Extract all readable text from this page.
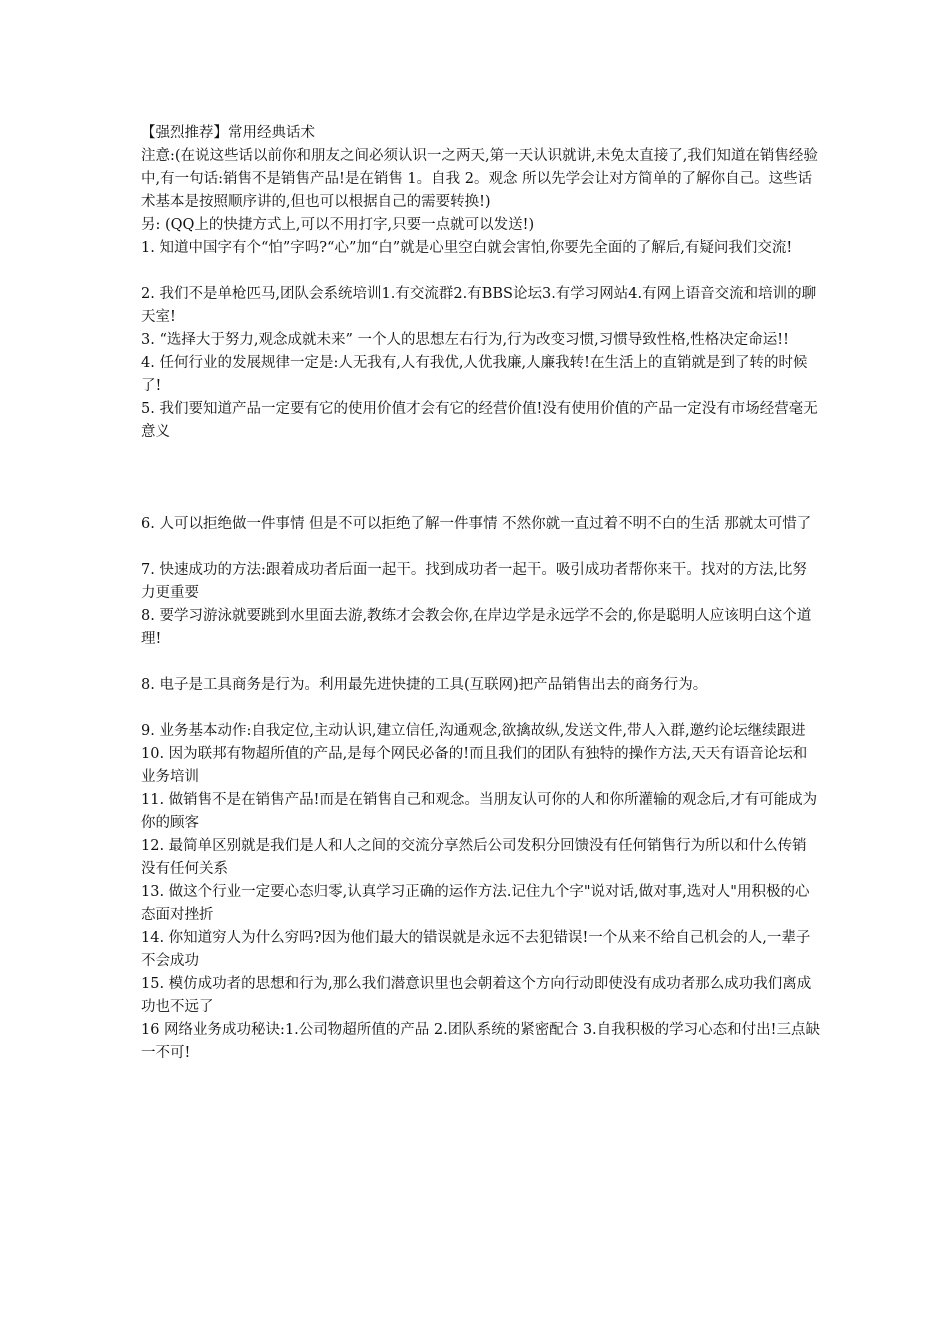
【强烈推荐】常用经典话术

注意:(在说这些话以前你和朋友之间必须认识一之两天,第一天认识就讲,未免太直接了,我们知道在销售经验中,有一句话:销售不是销售产品!是在销售 1。自我 2。观念 所以先学会让对方简单的了解你自己。这些话术基本是按照顺序讲的,但也可以根据自己的需要转换!)

另: (QQ上的快捷方式上,可以不用打字,只要一点就可以发送!)

1. 知道中国字有个“怕”字吗?“心”加“白”就是心里空白就会害怕,你要先全面的了解后,有疑问我们交流!

2. 我们不是单枪匹马,团队会系统培训1.有交流群2.有BBS论坛3.有学习网站4.有网上语音交流和培训的聊天室!

3. “选择大于努力,观念成就未来” 一个人的思想左右行为,行为改变习惯,习惯导致性格,性格决定命运!!

4. 任何行业的发展规律一定是:人无我有,人有我优,人优我廉,人廉我转!在生活上的直销就是到了转的时候了!

5. 我们要知道产品一定要有它的使用价值才会有它的经营价值!没有使用价值的产品一定没有市场经营毫无意义

6. 人可以拒绝做一件事情 但是不可以拒绝了解一件事情 不然你就一直过着不明不白的生活 那就太可惜了

7. 快速成功的方法:跟着成功者后面一起干。找到成功者一起干。吸引成功者帮你来干。找对的方法,比努力更重要

8. 要学习游泳就要跳到水里面去游,教练才会教会你,在岸边学是永远学不会的,你是聪明人应该明白这个道理!

8. 电子是工具商务是行为。利用最先进快捷的工具(互联网)把产品销售出去的商务行为。

9. 业务基本动作:自我定位,主动认识,建立信任,沟通观念,欲擒故纵,发送文件,带人入群,邀约论坛继续跟进

10. 因为联邦有物超所值的产品,是每个网民必备的!而且我们的团队有独特的操作方法,天天有语音论坛和业务培训

11. 做销售不是在销售产品!而是在销售自己和观念。当朋友认可你的人和你所灌输的观念后,才有可能成为你的顾客

12. 最简单区别就是我们是人和人之间的交流分享然后公司发积分回馈没有任何销售行为所以和什么传销没有任何关系

13. 做这个行业一定要心态归零,认真学习正确的运作方法.记住九个字"说对话,做对事,选对人"用积极的心态面对挫折

14. 你知道穷人为什么穷吗?因为他们最大的错误就是永远不去犯错误!一个从来不给自己机会的人,一辈子不会成功

15. 模仿成功者的思想和行为,那么我们潜意识里也会朝着这个方向行动即使没有成功者那么成功我们离成功也不远了

16 网络业务成功秘诀:1.公司物超所值的产品 2.团队系统的紧密配合 3.自我积极的学习心态和付出!三点缺一不可!
